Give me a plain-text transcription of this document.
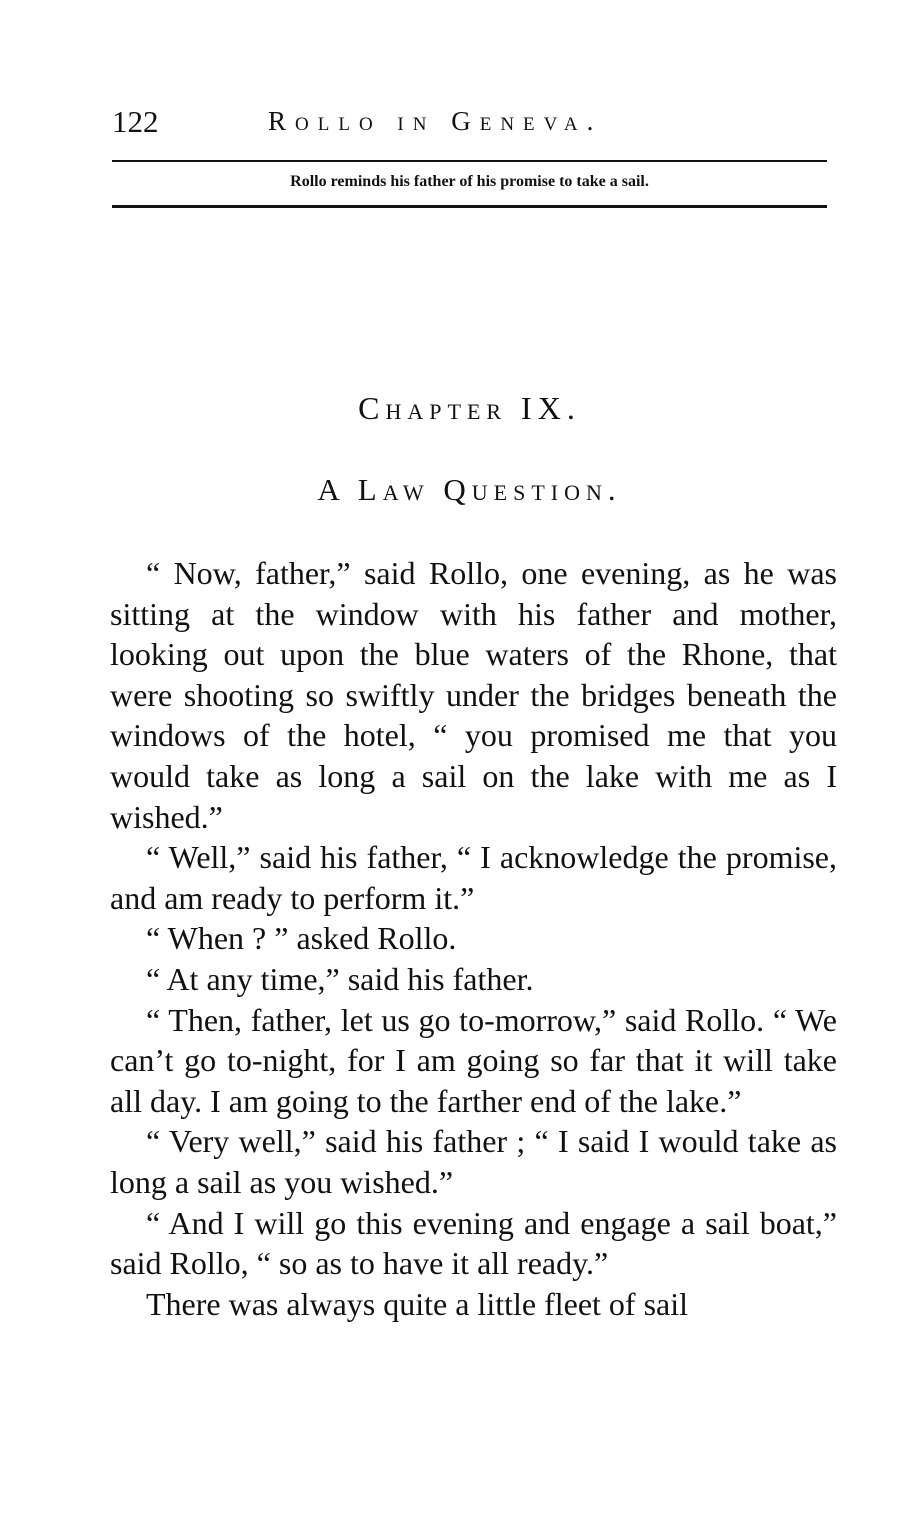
122	Rollo in Geneva.
Rollo reminds his father of his promise to take a sail.
Chapter IX.
A Law Question.

“ Now, father,” said Rollo, one evening, as he was sitting at the window with his father and mother, looking out upon the blue waters of the Rhone, that were shooting so swiftly under the bridges beneath the windows of the hotel, “ you promised me that you would take as long a sail on the lake with me as I wished.”

“ Well,” said his father, “ I acknowledge the promise, and am ready to perform it.”

“ When ? ” asked Rollo.

“ At any time,” said his father.

“ Then, father, let us go to-morrow,” said Rollo. “ We can’t go to-night, for I am going so far that it will take all day. I am going to the farther end of the lake.”

“ Very well,” said his father ; “ I said I would take as long a sail as you wished.”

“ And I will go this evening and engage a sail boat,” said Rollo, “ so as to have it all ready.”

There was always quite a little fleet of sail
